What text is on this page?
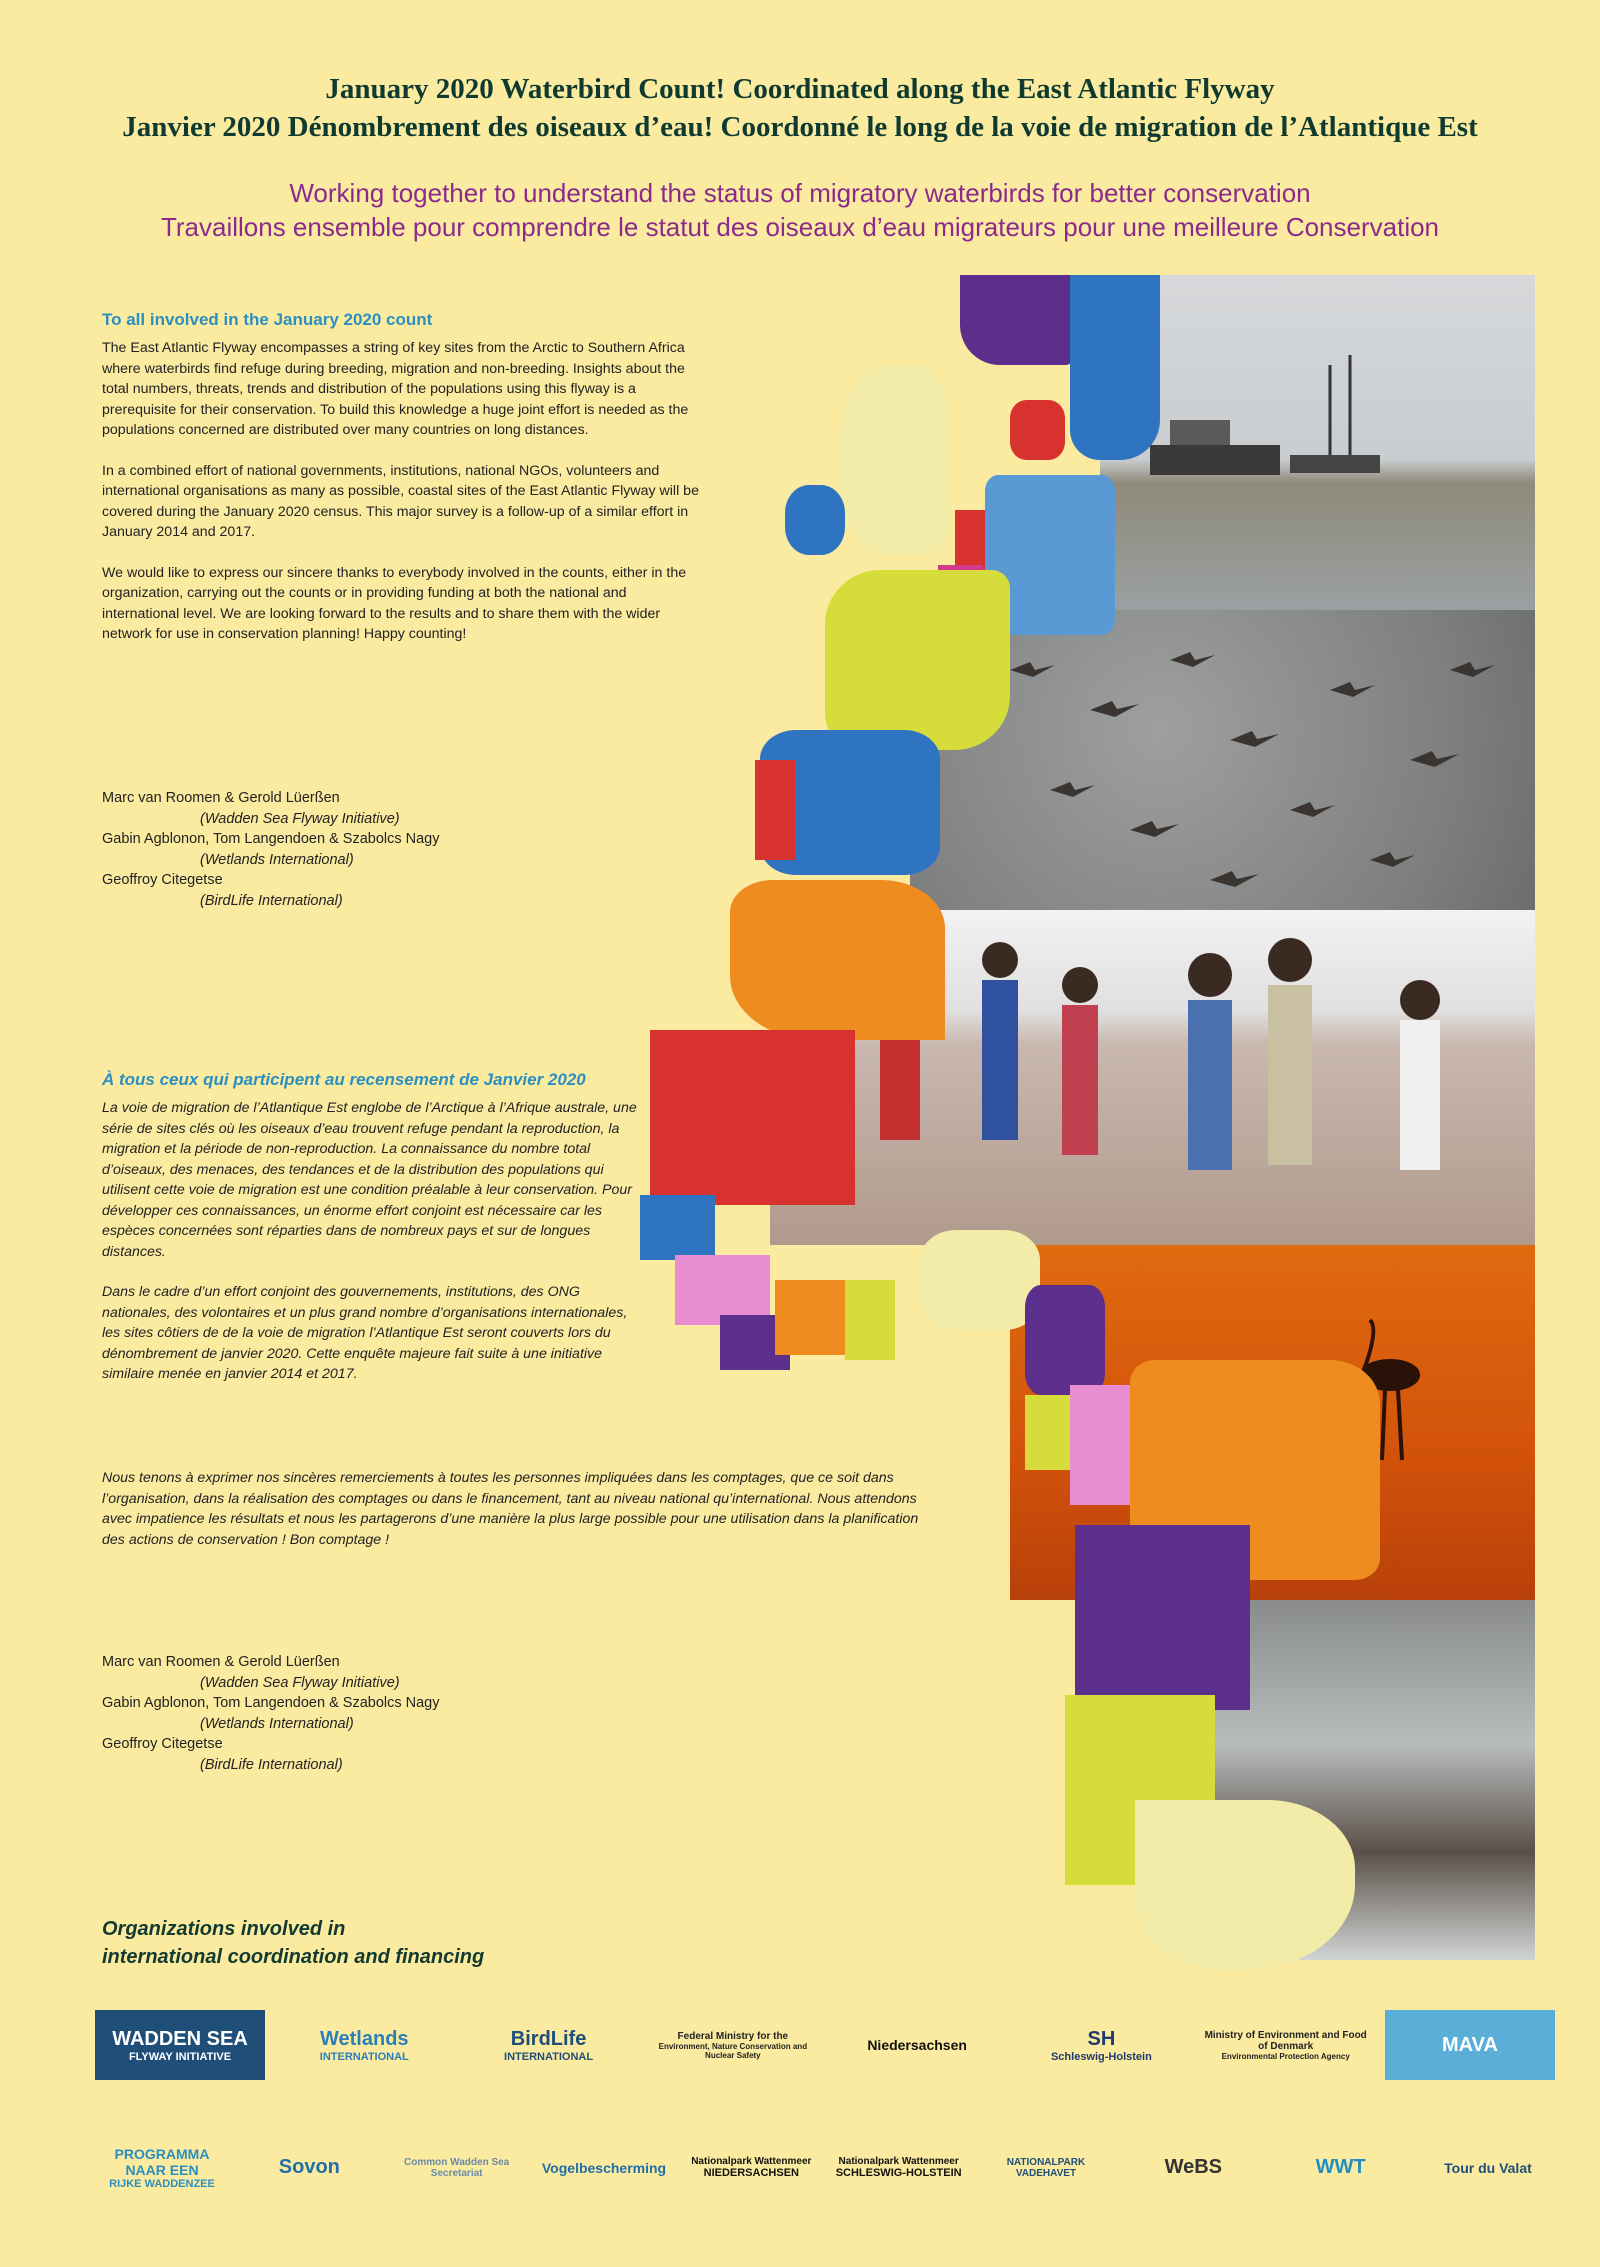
January 2020 Waterbird Count! Coordinated along the East Atlantic Flyway
Janvier 2020 Dénombrement des oiseaux d’eau! Coordonné le long de la voie de migration de l’Atlantique Est
Working together to understand the status of migratory waterbirds for better conservation
Travaillons ensemble pour comprendre le statut des oiseaux d’eau migrateurs pour une meilleure Conservation
To all involved in the January 2020 count
The East Atlantic Flyway encompasses a string of key sites from the Arctic to Southern Africa where waterbirds find refuge during breeding, migration and non-breeding. Insights about the total numbers, threats, trends and distribution of the populations using this flyway is a prerequisite for their conservation. To build this knowledge a huge joint effort is needed as the populations concerned are distributed over many countries on long distances.
In a combined effort of national governments, institutions, national NGOs, volunteers and international organisations as many as possible, coastal sites of the East Atlantic Flyway will be covered during the January 2020 census. This major survey is a follow-up of a similar effort in January 2014 and 2017.
We would like to express our sincere thanks to everybody involved in the counts, either in the organization, carrying out the counts or in providing funding at both the national and international level. We are looking forward to the results and to share them with the wider network for use in conservation planning! Happy counting!
Marc van Roomen & Gerold Lüerßen
(Wadden Sea Flyway Initiative)
Gabin Agblonon, Tom Langendoen & Szabolcs Nagy
(Wetlands International)
Geoffroy Citegetse
(BirdLife International)
À tous ceux qui participent au recensement de Janvier 2020
La voie de migration de l’Atlantique Est englobe de l’Arctique à l’Afrique australe, une série de sites clés où les oiseaux d’eau trouvent refuge pendant la reproduction, la migration et la période de non-reproduction. La connaissance du nombre total d’oiseaux, des menaces, des tendances et de la distribution des populations qui utilisent cette voie de migration est une condition préalable à leur conservation. Pour développer ces connaissances, un énorme effort conjoint est nécessaire car les espèces concernées sont réparties dans de nombreux pays et sur de longues distances.
Dans le cadre d’un effort conjoint des gouvernements, institutions, des ONG nationales, des volontaires et un plus grand nombre d’organisations internationales, les sites côtiers de de la voie de migration l’Atlantique Est seront couverts lors du dénombrement de janvier 2020. Cette enquête majeure fait suite à une initiative similaire menée en janvier 2014 et 2017.
Nous tenons à exprimer nos sincères remerciements à toutes les personnes impliquées dans les comptages, que ce soit dans l’organisation, dans la réalisation des comptages ou dans le financement, tant au niveau national qu’international. Nous attendons avec impatience les résultats et nous les partagerons d’une manière la plus large possible pour une utilisation dans la planification des actions de conservation ! Bon comptage !
Marc van Roomen & Gerold Lüerßen
(Wadden Sea Flyway Initiative)
Gabin Agblonon, Tom Langendoen & Szabolcs Nagy
(Wetlands International)
Geoffroy Citegetse
(BirdLife International)
Organizations involved in
international coordination and financing
WADDEN SEA
FLYWAY INITIATIVE
Wetlands
INTERNATIONAL
BirdLife
INTERNATIONAL
Federal Ministry for the
Environment, Nature Conservation and Nuclear Safety
Niedersachsen	SH
Schleswig-Holstein
Ministry of Environment and Food of Denmark
Environmental Protection Agency
MAVA
PROGRAMMA NAAR EEN
RIJKE WADDENZEE
Sovon	Common Wadden Sea Secretariat	Vogelbescherming	Nationalpark Wattenmeer
NIEDERSACHSEN
Nationalpark Wattenmeer
SCHLESWIG-HOLSTEIN
NATIONALPARK VADEHAVET	WeBS	WWT	Tour du Valat
